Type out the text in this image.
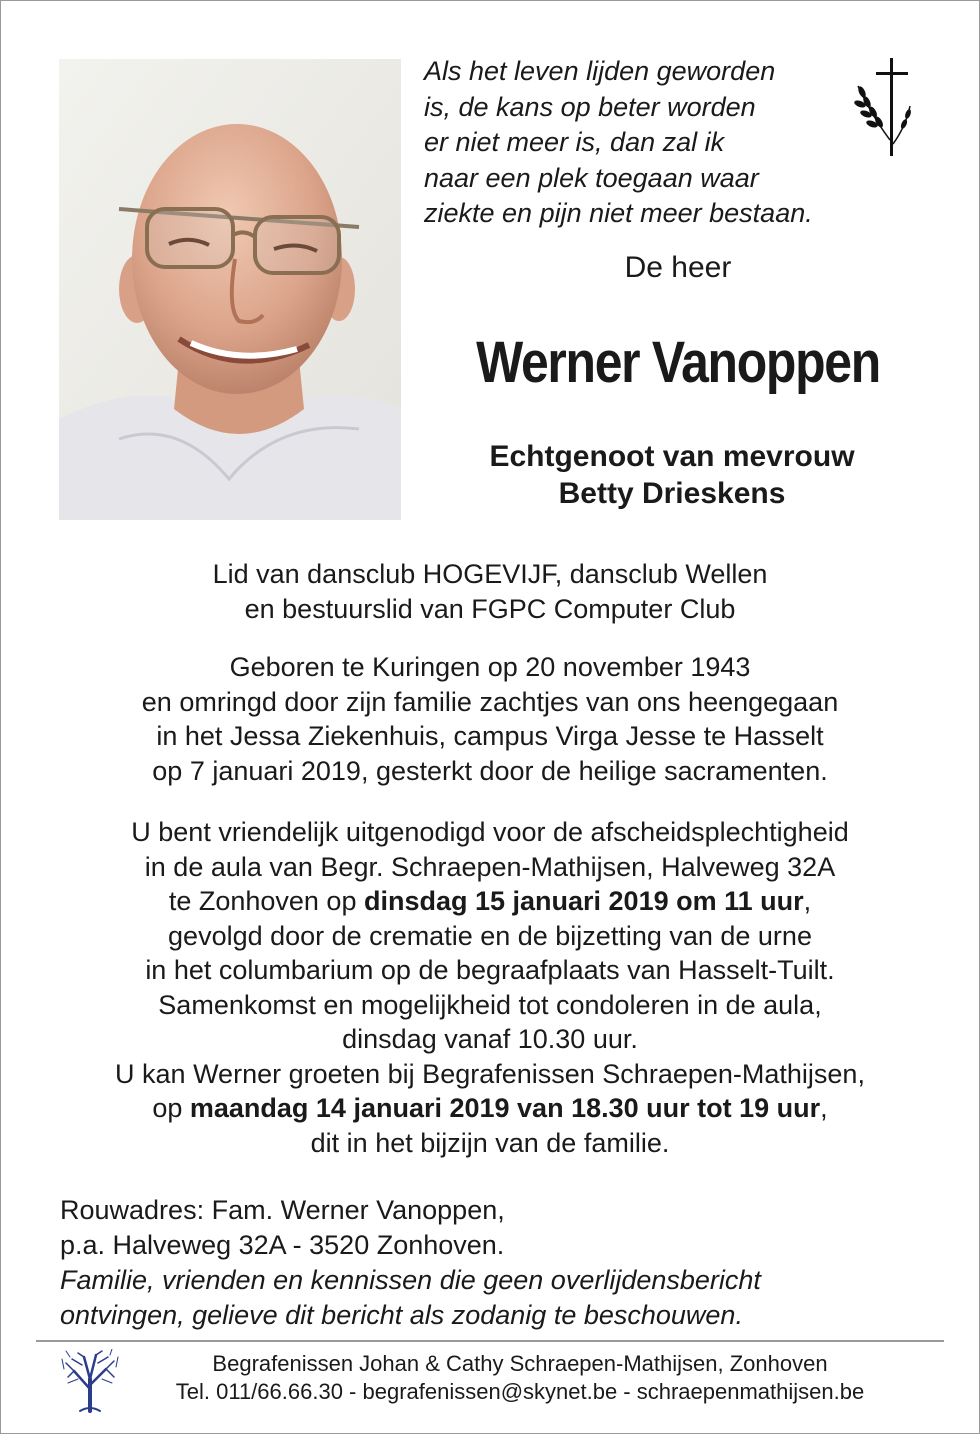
Als het leven lijden geworden
is, de kans op beter worden
er niet meer is, dan zal ik
naar een plek toegaan waar
ziekte en pijn niet meer bestaan.
De heer
Werner Vanoppen
Echtgenoot van mevrouw
Betty Drieskens
Lid van dansclub HOGEVIJF, dansclub Wellen
en bestuurslid van FGPC Computer Club
Geboren te Kuringen op 20 november 1943
en omringd door zijn familie zachtjes van ons heengegaan
in het Jessa Ziekenhuis, campus Virga Jesse te Hasselt
op 7 januari 2019, gesterkt door de heilige sacramenten.
U bent vriendelijk uitgenodigd voor de afscheidsplechtigheid
in de aula van Begr. Schraepen-Mathijsen, Halveweg 32A
te Zonhoven op dinsdag 15 januari 2019 om 11 uur,
gevolgd door de crematie en de bijzetting van de urne
in het columbarium op de begraafplaats van Hasselt-Tuilt.
Samenkomst en mogelijkheid tot condoleren in de aula,
dinsdag vanaf 10.30 uur.
U kan Werner groeten bij Begrafenissen Schraepen-Mathijsen,
op maandag 14 januari 2019 van 18.30 uur tot 19 uur,
dit in het bijzijn van de familie.
Rouwadres: Fam. Werner Vanoppen,
p.a. Halveweg 32A - 3520 Zonhoven.
Familie, vrienden en kennissen die geen overlijdensbericht
ontvingen, gelieve dit bericht als zodanig te beschouwen.
Begrafenissen Johan & Cathy Schraepen-Mathijsen, Zonhoven
Tel. 011/66.66.30 - begrafenissen@skynet.be - schraepenmathijsen.be
